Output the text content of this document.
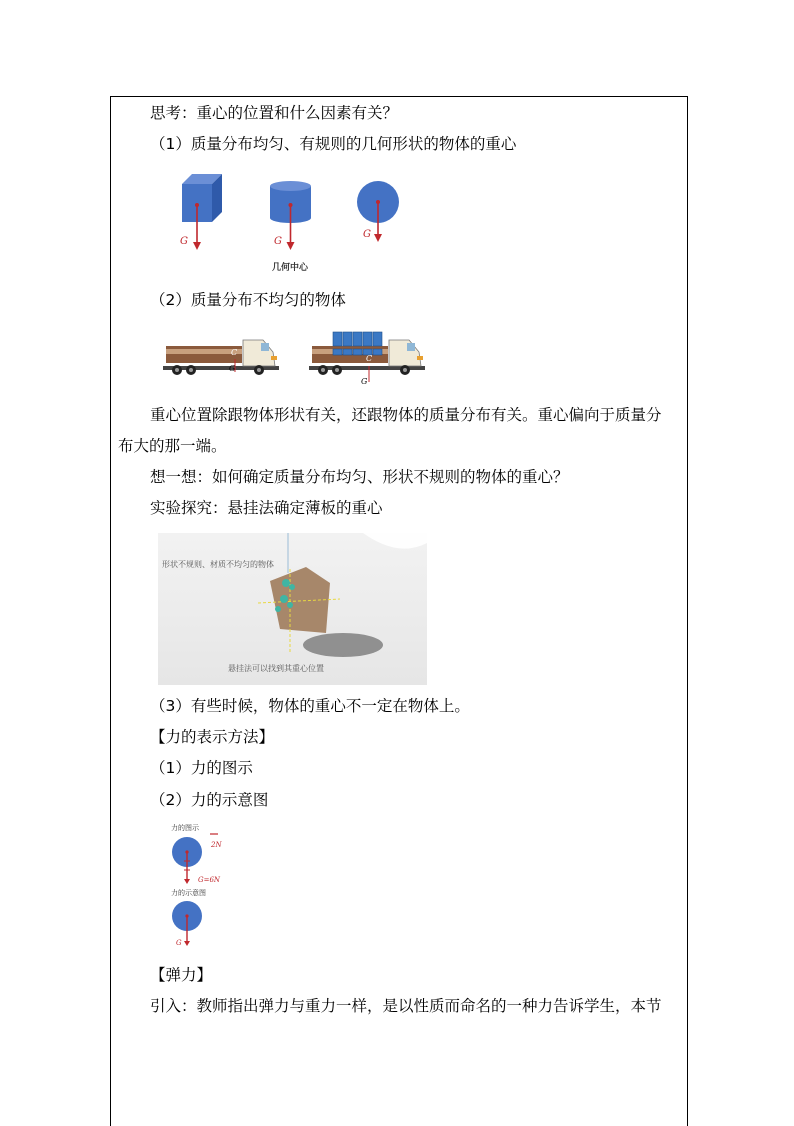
思考：重心的位置和什么因素有关？
（1）质量分布均匀、有规则的几何形状的物体的重心
G	G
G
几何中心
（2）质量分布不均匀的物体
C
G
C
G
重心位置除跟物体形状有关，还跟物体的质量分布有关。重心偏向于质量分
布大的那一端。
想一想：如何确定质量分布均匀、形状不规则的物体的重心？
实验探究：悬挂法确定薄板的重心
形状不规则、材质不均匀的物体
悬挂法可以找到其重心位置
（3）有些时候，物体的重心不一定在物体上。
【力的表示方法】
（1）力的图示
（2）力的示意图
力的图示
2N
G=6N
力的示意图
G
【弹力】
引入：教师指出弹力与重力一样，是以性质而命名的一种力告诉学生，本节
